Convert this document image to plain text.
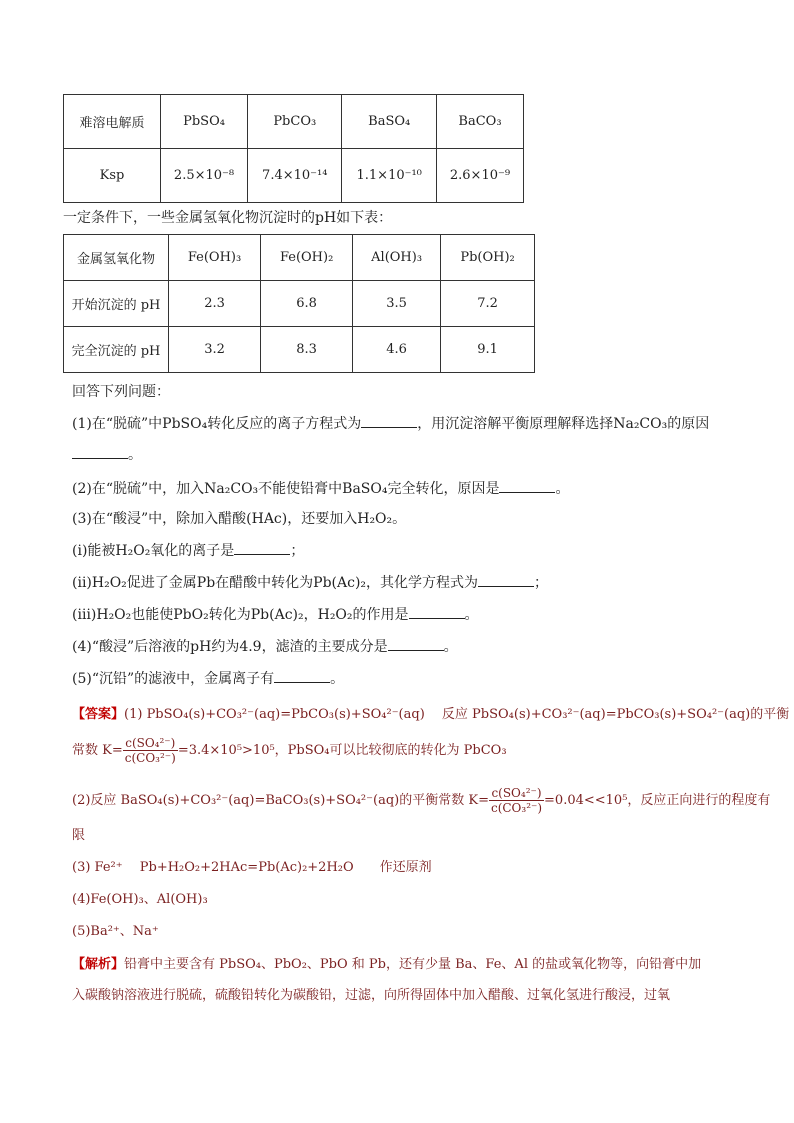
难溶电解质	PbSO₄	PbCO₃	BaSO₄	BaCO₃
Ksp	2.5×10⁻⁸	7.4×10⁻¹⁴	1.1×10⁻¹⁰	2.6×10⁻⁹
一定条件下，一些金属氢氧化物沉淀时的pH如下表：
金属氢氧化物	Fe(OH)₃	Fe(OH)₂	Al(OH)₃	Pb(OH)₂
开始沉淀的 pH	2.3	6.8	3.5	7.2
完全沉淀的 pH	3.2	8.3	4.6	9.1
回答下列问题：
(1)在“脱硫”中PbSO₄转化反应的离子方程式为	，用沉淀溶解平衡原理解释选择Na₂CO₃的原因
。
(2)在“脱硫”中，加入Na₂CO₃不能使铅膏中BaSO₄完全转化，原因是	。
(3)在“酸浸”中，除加入醋酸(HAc)，还要加入H₂O₂。
(ⅰ)能被H₂O₂氧化的离子是	；
(ⅱ)H₂O₂促进了金属Pb在醋酸中转化为Pb(Ac)₂，其化学方程式为	；
(ⅲ)H₂O₂也能使PbO₂转化为Pb(Ac)₂，H₂O₂的作用是	。
(4)“酸浸”后溶液的pH约为4.9，滤渣的主要成分是	。
(5)“沉铅”的滤液中，金属离子有	。
【答案】(1) PbSO₄(s)+CO₃²⁻(aq)=PbCO₃(s)+SO₄²⁻(aq)　 反应 PbSO₄(s)+CO₃²⁻(aq)=PbCO₃(s)+SO₄²⁻(aq)的平衡
常数 $K= \frac{\text{c(SO₄²⁻)}}{\text{c(CO₃²⁻)}} =3.4\times 10^5>10^5$，PbSO₄可以比较彻底的转化为 PbCO₃
(2)反应 BaSO₄(s)+CO₃²⁻(aq)=BaCO₃(s)+SO₄²⁻(aq)的平衡常数 $K= \frac{\text{c(SO₄²⁻)}}{\text{c(CO₃²⁻)}} =0.04<<10^5$，反应正向进行的程度有
限
(3) Fe²⁺　 Pb+H₂O₂+2HAc=Pb(Ac)₂+2H₂O　　作还原剂
(4)Fe(OH)₃、Al(OH)₃
(5)Ba²⁺、Na⁺
【解析】铅膏中主要含有 PbSO₄、PbO₂、PbO 和 Pb，还有少量 Ba、Fe、Al 的盐或氧化物等，向铅膏中加
入碳酸钠溶液进行脱硫，硫酸铅转化为碳酸铅，过滤，向所得固体中加入醋酸、过氧化氢进行酸浸，过氧
